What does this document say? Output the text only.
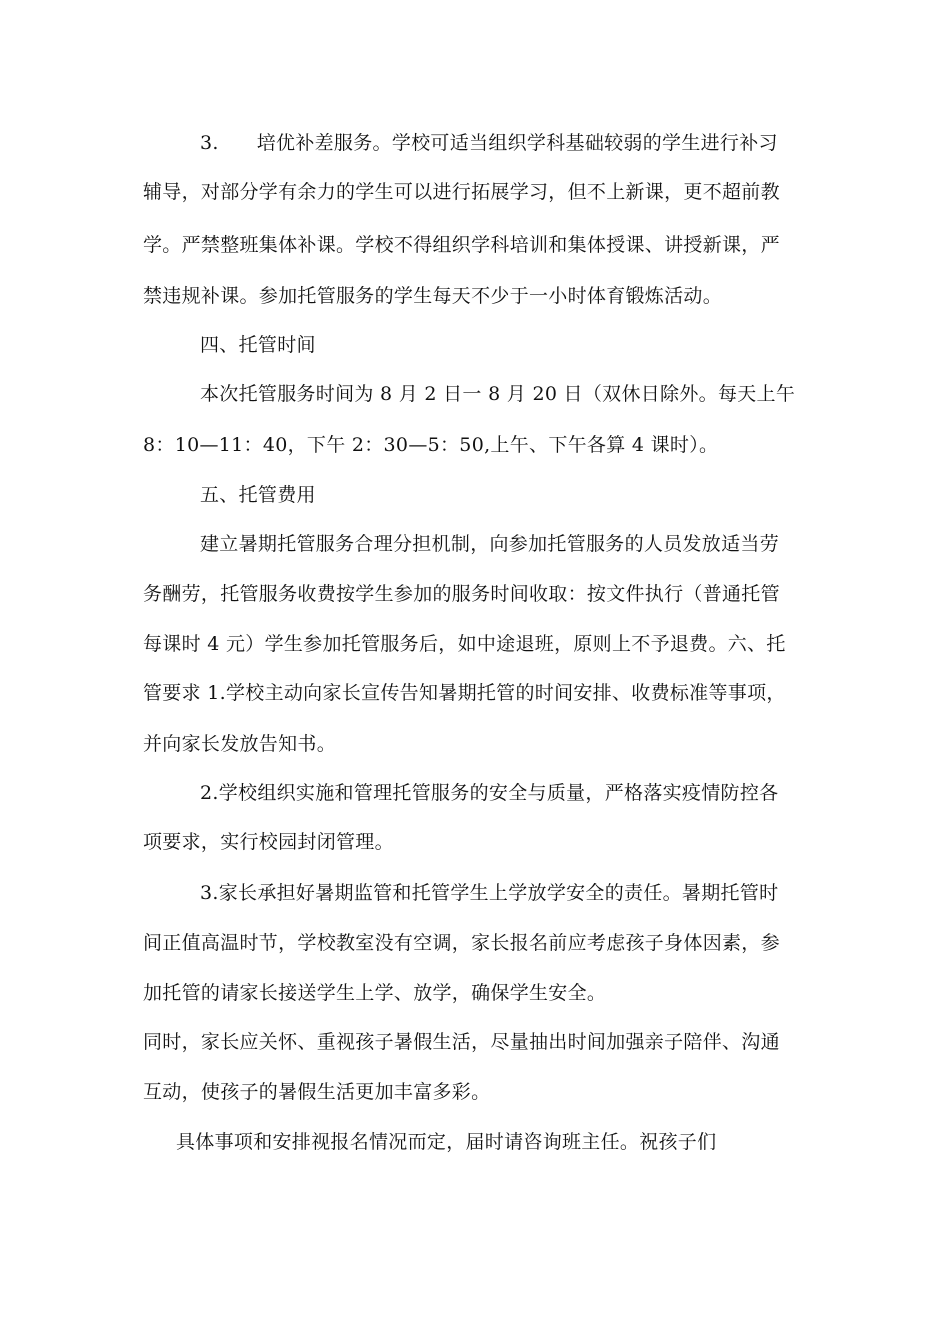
3. 培优补差服务。学校可适当组织学科基础较弱的学生进行补习
辅导，对部分学有余力的学生可以进行拓展学习，但不上新课，更不超前教
学。严禁整班集体补课。学校不得组织学科培训和集体授课、讲授新课，严
禁违规补课。参加托管服务的学生每天不少于一小时体育锻炼活动。
四、托管时间
本次托管服务时间为 8 月 2 日一 8 月 20 日（双休日除外。每天上午
8：10—11：40，下午 2：30—5：50,上午、下午各算 4 课时）。
五、托管费用
建立暑期托管服务合理分担机制，向参加托管服务的人员发放适当劳
务酬劳，托管服务收费按学生参加的服务时间收取：按文件执行（普通托管
每课时 4 元）学生参加托管服务后，如中途退班，原则上不予退费。六、托
管要求 1.学校主动向家长宣传告知暑期托管的时间安排、收费标准等事项，
并向家长发放告知书。
2.学校组织实施和管理托管服务的安全与质量，严格落实疫情防控各
项要求，实行校园封闭管理。
3.家长承担好暑期监管和托管学生上学放学安全的责任。暑期托管时
间正值高温时节，学校教室没有空调，家长报名前应考虑孩子身体因素，参
加托管的请家长接送学生上学、放学，确保学生安全。
同时，家长应关怀、重视孩子暑假生活，尽量抽出时间加强亲子陪伴、沟通
互动，使孩子的暑假生活更加丰富多彩。
具体事项和安排视报名情况而定，届时请咨询班主任。祝孩子们
